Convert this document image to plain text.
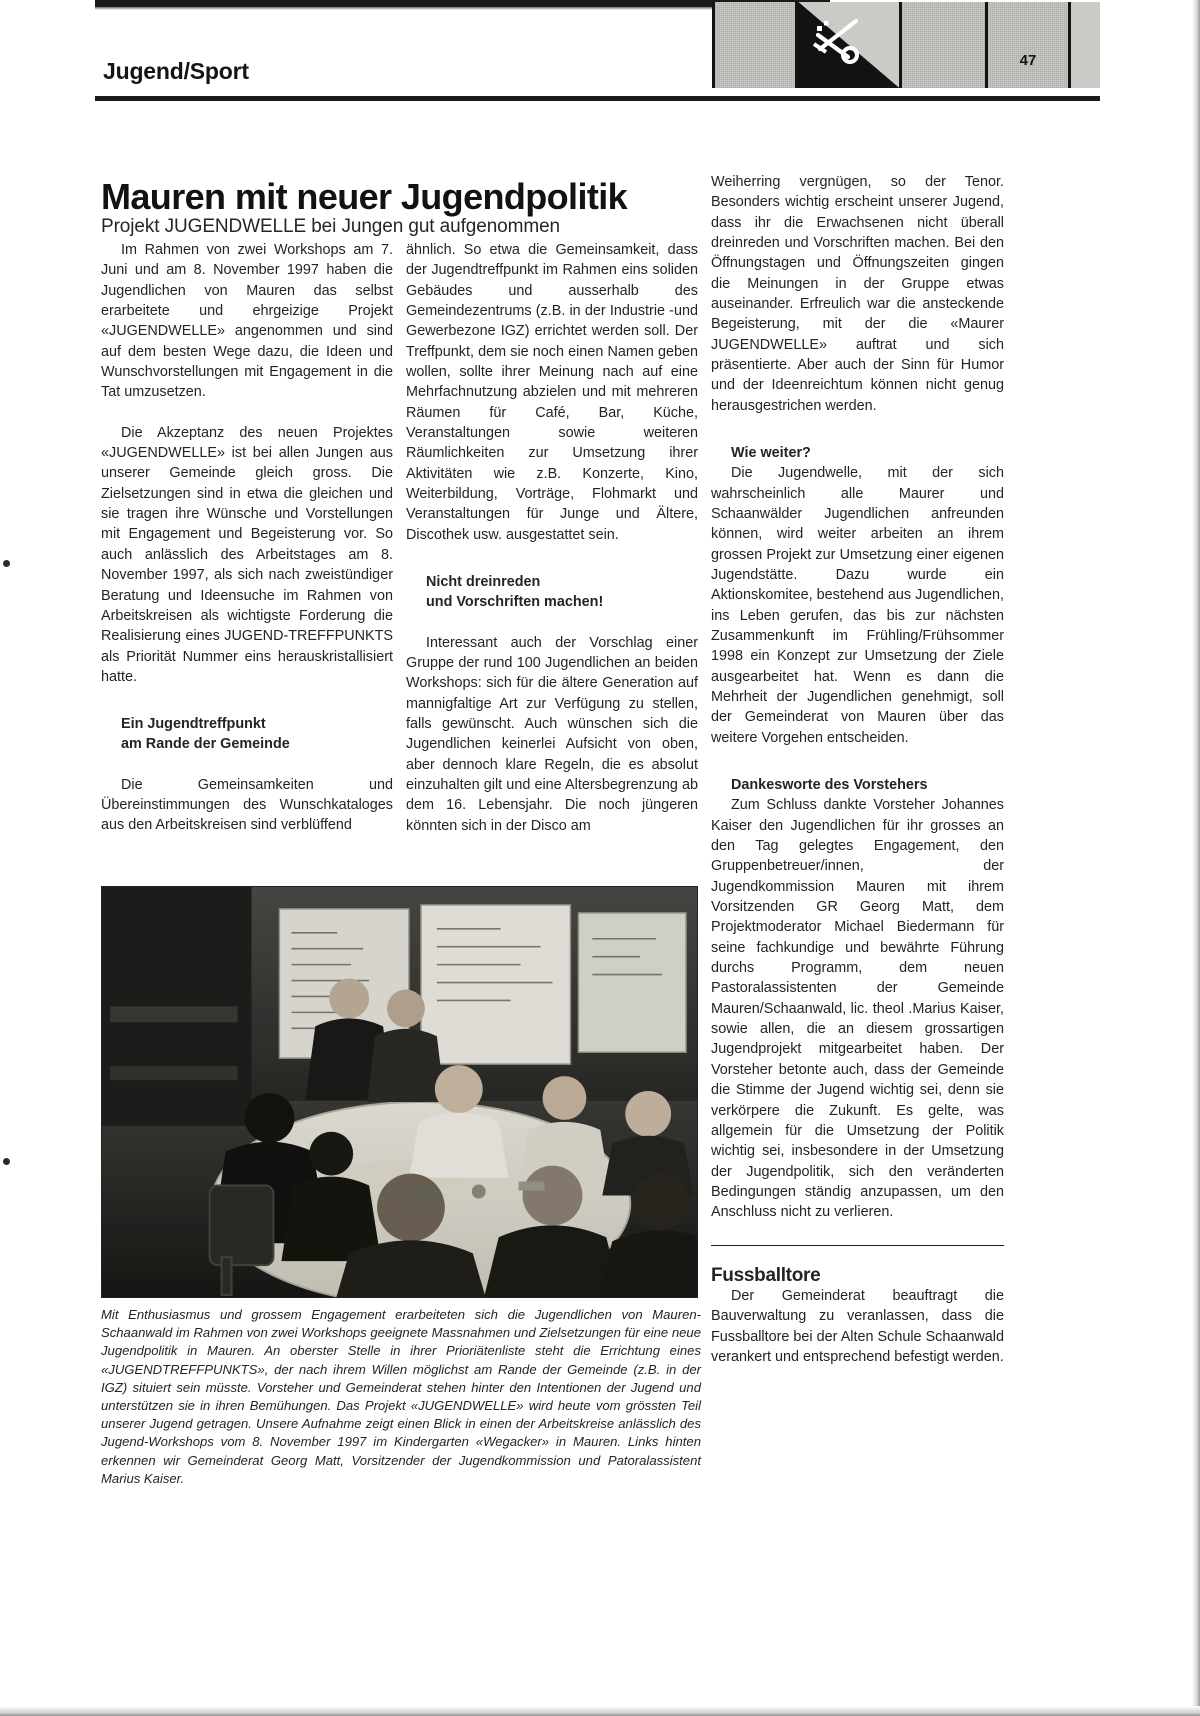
Jugend/Sport	47
Mauren mit neuer Jugendpolitik
Projekt JUGENDWELLE bei Jungen gut aufgenommen

Im Rahmen von zwei Workshops am 7. Juni und am 8. November 1997 haben die Jugendlichen von Mauren das selbst erarbeitete und ehrgeizige Projekt «JUGENDWELLE» angenommen und sind auf dem besten Wege dazu, die Ideen und Wunschvorstellungen mit Engagement in die Tat umzusetzen.

Die Akzeptanz des neuen Projektes «JUGENDWELLE» ist bei allen Jungen aus unserer Gemeinde gleich gross. Die Zielsetzungen sind in etwa die gleichen und sie tragen ihre Wünsche und Vorstellungen mit Engagement und Begeisterung vor. So auch anlässlich des Arbeitstages am 8. November 1997, als sich nach zweistündiger Beratung und Ideensuche im Rahmen von Arbeitskreisen als wichtigste Forderung die Realisierung eines JUGEND-TREFFPUNKTS als Priorität Nummer eins herauskristallisiert hatte.

Ein Jugendtreffpunkt

am Rande der Gemeinde

Die Gemeinsamkeiten und Übereinstimmungen des Wunschkataloges aus den Arbeitskreisen sind verblüffend

ähnlich. So etwa die Gemeinsamkeit, dass der Jugendtreffpunkt im Rahmen eins soliden Gebäudes und ausserhalb des Gemeindezentrums (z.B. in der Industrie -und Gewerbezone IGZ) errichtet werden soll. Der Treffpunkt, dem sie noch einen Namen geben wollen, sollte ihrer Meinung nach auf eine Mehrfachnutzung abzielen und mit mehreren Räumen für Café, Bar, Küche, Veranstaltungen sowie weiteren Räumlichkeiten zur Umsetzung ihrer Aktivitäten wie z.B. Konzerte, Kino, Weiterbildung, Vorträge, Flohmarkt und Veranstaltungen für Junge und Ältere, Discothek usw. ausgestattet sein.

Nicht dreinreden

und Vorschriften machen!

Interessant auch der Vorschlag einer Gruppe der rund 100 Jugendlichen an beiden Workshops: sich für die ältere Generation auf mannigfaltige Art zur Verfügung zu stellen, falls gewünscht. Auch wünschen sich die Jugendlichen keinerlei Aufsicht von oben, aber dennoch klare Regeln, die es absolut einzuhalten gilt und eine Altersbegrenzung ab dem 16. Lebensjahr. Die noch jüngeren könnten sich in der Disco am

Weiherring vergnügen, so der Tenor. Besonders wichtig erscheint unserer Jugend, dass ihr die Erwachsenen nicht überall dreinreden und Vorschriften machen. Bei den Öffnungstagen und Öffnungszeiten gingen die Meinungen in der Gruppe etwas auseinander. Erfreulich war die ansteckende Begeisterung, mit der die «Maurer JUGENDWELLE» auftrat und sich präsentierte. Aber auch der Sinn für Humor und der Ideenreichtum können nicht genug herausgestrichen werden.

Wie weiter?

Die Jugendwelle, mit der sich wahrscheinlich alle Maurer und Schaanwälder Jugendlichen anfreunden können, wird weiter arbeiten an ihrem grossen Projekt zur Umsetzung einer eigenen Jugendstätte. Dazu wurde ein Aktionskomitee, bestehend aus Jugendlichen, ins Leben gerufen, das bis zur nächsten Zusammenkunft im Frühling/Frühsommer 1998 ein Konzept zur Umsetzung der Ziele ausgearbeitet hat. Wenn es dann die Mehrheit der Jugendlichen genehmigt, soll der Gemeinderat von Mauren über das weitere Vorgehen entscheiden.

Dankesworte des Vorstehers

Zum Schluss dankte Vorsteher Johannes Kaiser den Jugendlichen für ihr grosses an den Tag gelegtes Engagement, den Gruppenbetreuer/innen, der Jugendkommission Mauren mit ihrem Vorsitzenden GR Georg Matt, dem Projektmoderator Michael Biedermann für seine fachkundige und bewährte Führung durchs Programm, dem neuen Pastoralassistenten der Gemeinde Mauren/Schaanwald, lic. theol .Marius Kaiser, sowie allen, die an diesem grossartigen Jugendprojekt mitgearbeitet haben. Der Vorsteher betonte auch, dass der Gemeinde die Stimme der Jugend wichtig sei, denn sie verkörpere die Zukunft. Es gelte, was allgemein für die Umsetzung der Politik wichtig sei, insbesondere in der Umsetzung der Jugendpolitik, sich den veränderten Bedingungen ständig anzupassen, um den Anschluss nicht zu verlieren.

Fussballtore

Der Gemeinderat beauftragt die Bauverwaltung zu veranlassen, dass die Fussballtore bei der Alten Schule Schaanwald verankert und entsprechend befestigt werden.

Mit Enthusiasmus und grossem Engagement erarbeiteten sich die Jugendlichen von Mauren- Schaanwald im Rahmen von zwei Workshops geeignete Massnahmen und Zielsetzungen für eine neue Jugendpolitik in Mauren. An oberster Stelle in ihrer Prioriätenliste steht die Errichtung eines «JUGENDTREFFPUNKTS», der nach ihrem Willen möglichst am Rande der Gemeinde (z.B. in der IGZ) situiert sein müsste. Vorsteher und Gemeinderat stehen hinter den Intentionen der Jugend und unterstützen sie in ihren Bemühungen. Das Projekt «JUGENDWELLE» wird heute vom grössten Teil unserer Jugend getragen. Unsere Aufnahme zeigt einen Blick in einen der Arbeitskreise anlässlich des Jugend-Workshops vom 8. November 1997 im Kindergarten «Wegacker» in Mauren. Links hinten erkennen wir Gemeinderat Georg Matt, Vorsitzender der Jugendkommission und Patoralassistent Marius Kaiser.
